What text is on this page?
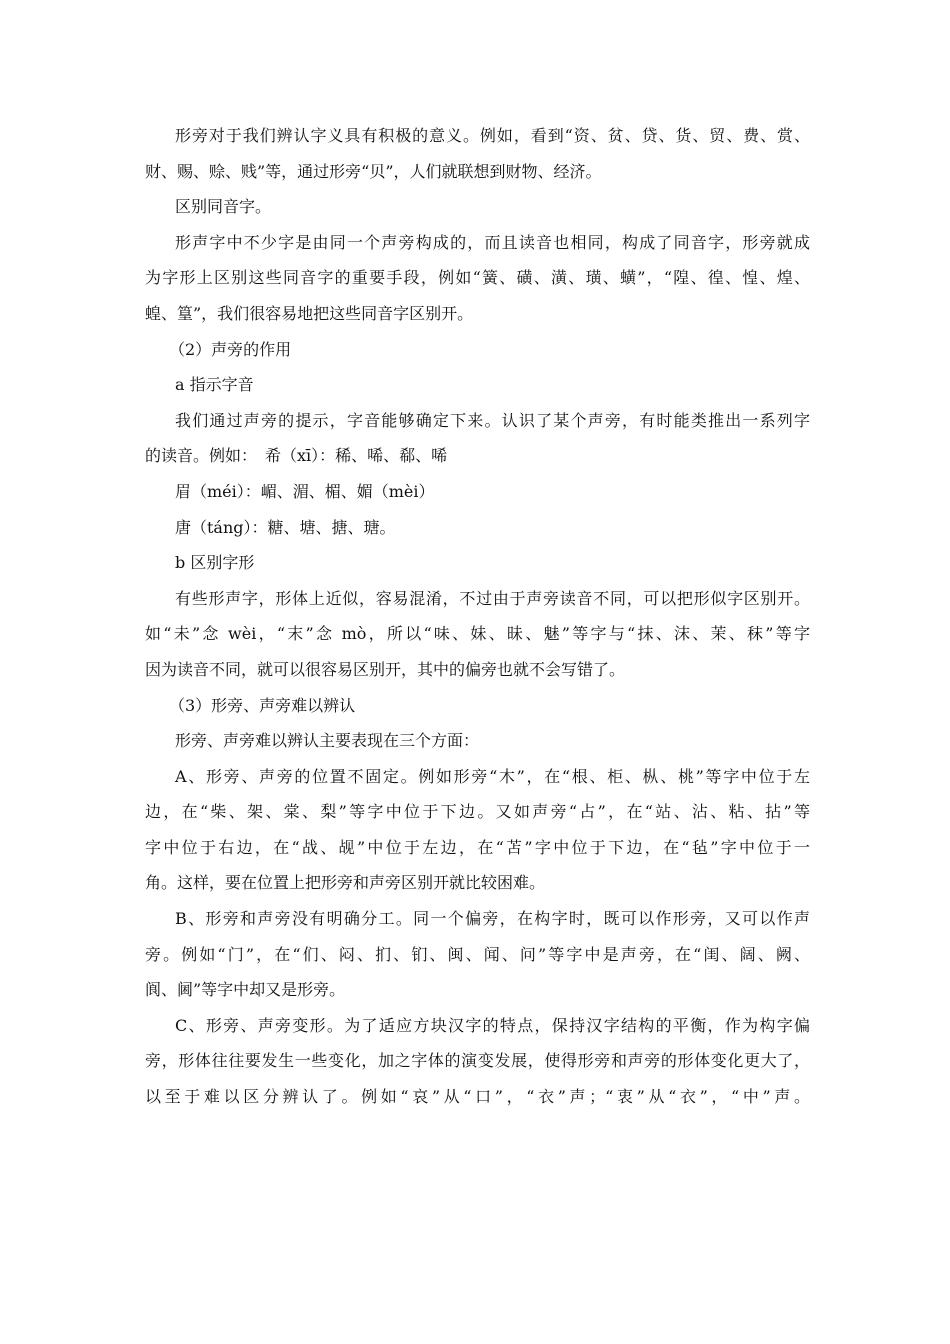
形旁对于我们辨认字义具有积极的意义。例如，看到“资、贫、贷、货、贸、费、赏、
财、赐、赊、贱”等，通过形旁“贝”，人们就联想到财物、经济。
区别同音字。
形声字中不少字是由同一个声旁构成的，而且读音也相同，构成了同音字，形旁就成
为字形上区别这些同音字的重要手段，例如“簧、磺、潢、璜、蟥”，“隍、徨、惶、煌、
蝗、篁”，我们很容易地把这些同音字区别开。
（2）声旁的作用
a 指示字音
我们通过声旁的提示，字音能够确定下来。认识了某个声旁，有时能类推出一系列字
的读音。例如：　希（xī）：稀、唏、郗、唏
眉（méi）：嵋、湄、楣、媚（mèi）
唐（táng）：糖、塘、搪、瑭。
b 区别字形
有些形声字，形体上近似，容易混淆，不过由于声旁读音不同，可以把形似字区别开。
如“未”念 wèi，“末”念 mò，所以“味、妹、昧、魅”等字与“抹、沫、茉、秣”等字
因为读音不同，就可以很容易区别开，其中的偏旁也就不会写错了。
（3）形旁、声旁难以辨认
形旁、声旁难以辨认主要表现在三个方面：
A、形旁、声旁的位置不固定。例如形旁“木”，在“根、柜、枞、桃”等字中位于左
边，在“柴、架、棠、梨”等字中位于下边。又如声旁“占”，在“站、沾、粘、拈”等
字中位于右边，在“战、觇”中位于左边，在“苫”字中位于下边，在“毡”字中位于一
角。这样，要在位置上把形旁和声旁区别开就比较困难。
B、形旁和声旁没有明确分工。同一个偏旁，在构字时，既可以作形旁，又可以作声
旁。例如“门”，在“们、闷、扪、钔、闽、闻、问”等字中是声旁，在“闺、阔、阙、
阆、阃”等字中却又是形旁。
C、形旁、声旁变形。为了适应方块汉字的特点，保持汉字结构的平衡，作为构字偏
旁，形体往往要发生一些变化，加之字体的演变发展，使得形旁和声旁的形体变化更大了，
以至于难以区分辨认了。例如“哀”从“口”，“衣”声；“衷”从“衣”，“中”声。
